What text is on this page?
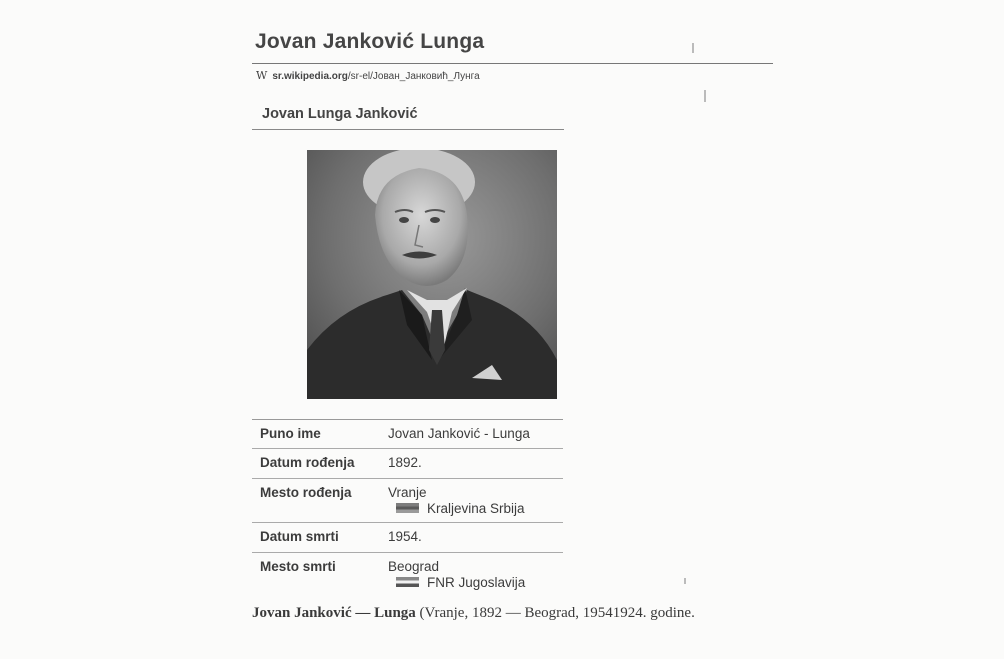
Jovan Janković Lunga
W sr.wikipedia.org/sr-el/Јован_Јанковић_Лунга
Jovan Lunga Janković
Puno ime	Jovan Janković - Lunga
Datum rođenja 1892.
Mesto rođenja	Vranje
Kraljevina Srbija
Datum smrti	1954.
Mesto smrti	Beograd
FNR Jugoslavija
Jovan Janković — Lunga (Vranje, 1892 — Beograd, 19541924. godine.
